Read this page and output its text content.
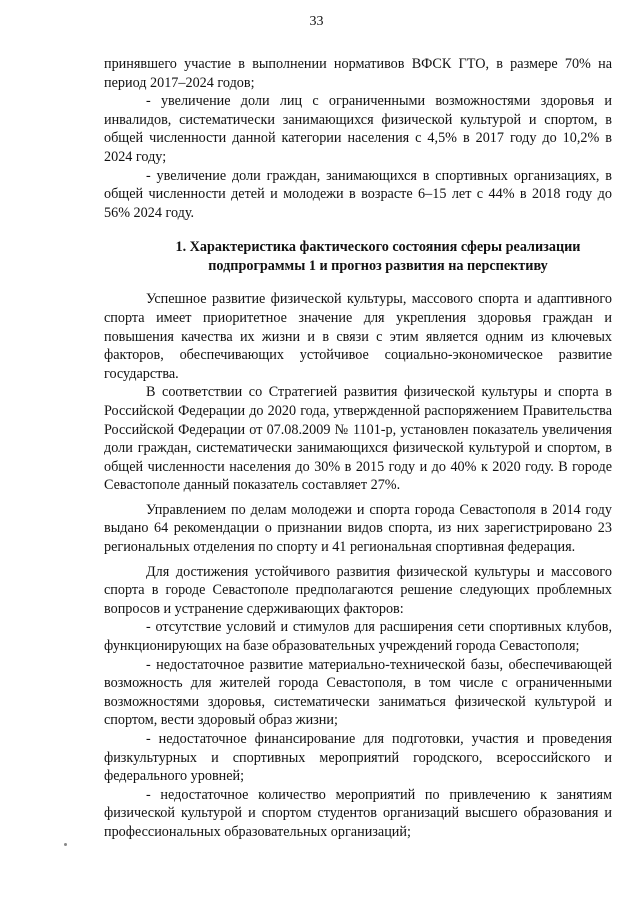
33

принявшего участие в выполнении нормативов ВФСК ГТО, в размере 70% на период 2017–2024 годов;

- увеличение доли лиц с ограниченными возможностями здоровья и инвалидов, систематически занимающихся физической культурой и спортом, в общей численности данной категории населения с 4,5% в 2017 году до 10,2% в 2024 году;

- увеличение доли граждан, занимающихся в спортивных организациях, в общей численности детей и молодежи в возрасте 6–15 лет с 44% в 2018 году до 56% 2024 году.

1. Характеристика фактического состояния сферы реализации подпрограммы 1 и прогноз развития на перспективу

Успешное развитие физической культуры, массового спорта и адаптивного спорта имеет приоритетное значение для укрепления здоровья граждан и повышения качества их жизни и в связи с этим является одним из ключевых факторов, обеспечивающих устойчивое социально-экономическое развитие государства.

В соответствии со Стратегией развития физической культуры и спорта в Российской Федерации до 2020 года, утвержденной распоряжением Правительства Российской Федерации от 07.08.2009 № 1101-р, установлен показатель увеличения доли граждан, систематически занимающихся физической культурой и спортом, в общей численности населения до 30% в 2015 году и до 40% к 2020 году. В городе Севастополе данный показатель составляет 27%.

Управлением по делам молодежи и спорта города Севастополя в 2014 году выдано 64 рекомендации о признании видов спорта, из них зарегистрировано 23 региональных отделения по спорту и 41 региональная спортивная федерация.

Для достижения устойчивого развития физической культуры и массового спорта в городе Севастополе предполагаются решение следующих проблемных вопросов и устранение сдерживающих факторов:

- отсутствие условий и стимулов для расширения сети спортивных клубов, функционирующих на базе образовательных учреждений города Севастополя;

- недостаточное развитие материально-технической базы, обеспечивающей возможность для жителей города Севастополя, в том числе с ограниченными возможностями здоровья, систематически заниматься физической культурой и спортом, вести здоровый образ жизни;

- недостаточное финансирование для подготовки, участия и проведения физкультурных и спортивных мероприятий городского, всероссийского и федерального уровней;

- недостаточное количество мероприятий по привлечению к занятиям физической культурой и спортом студентов организаций высшего образования и профессиональных образовательных организаций;
